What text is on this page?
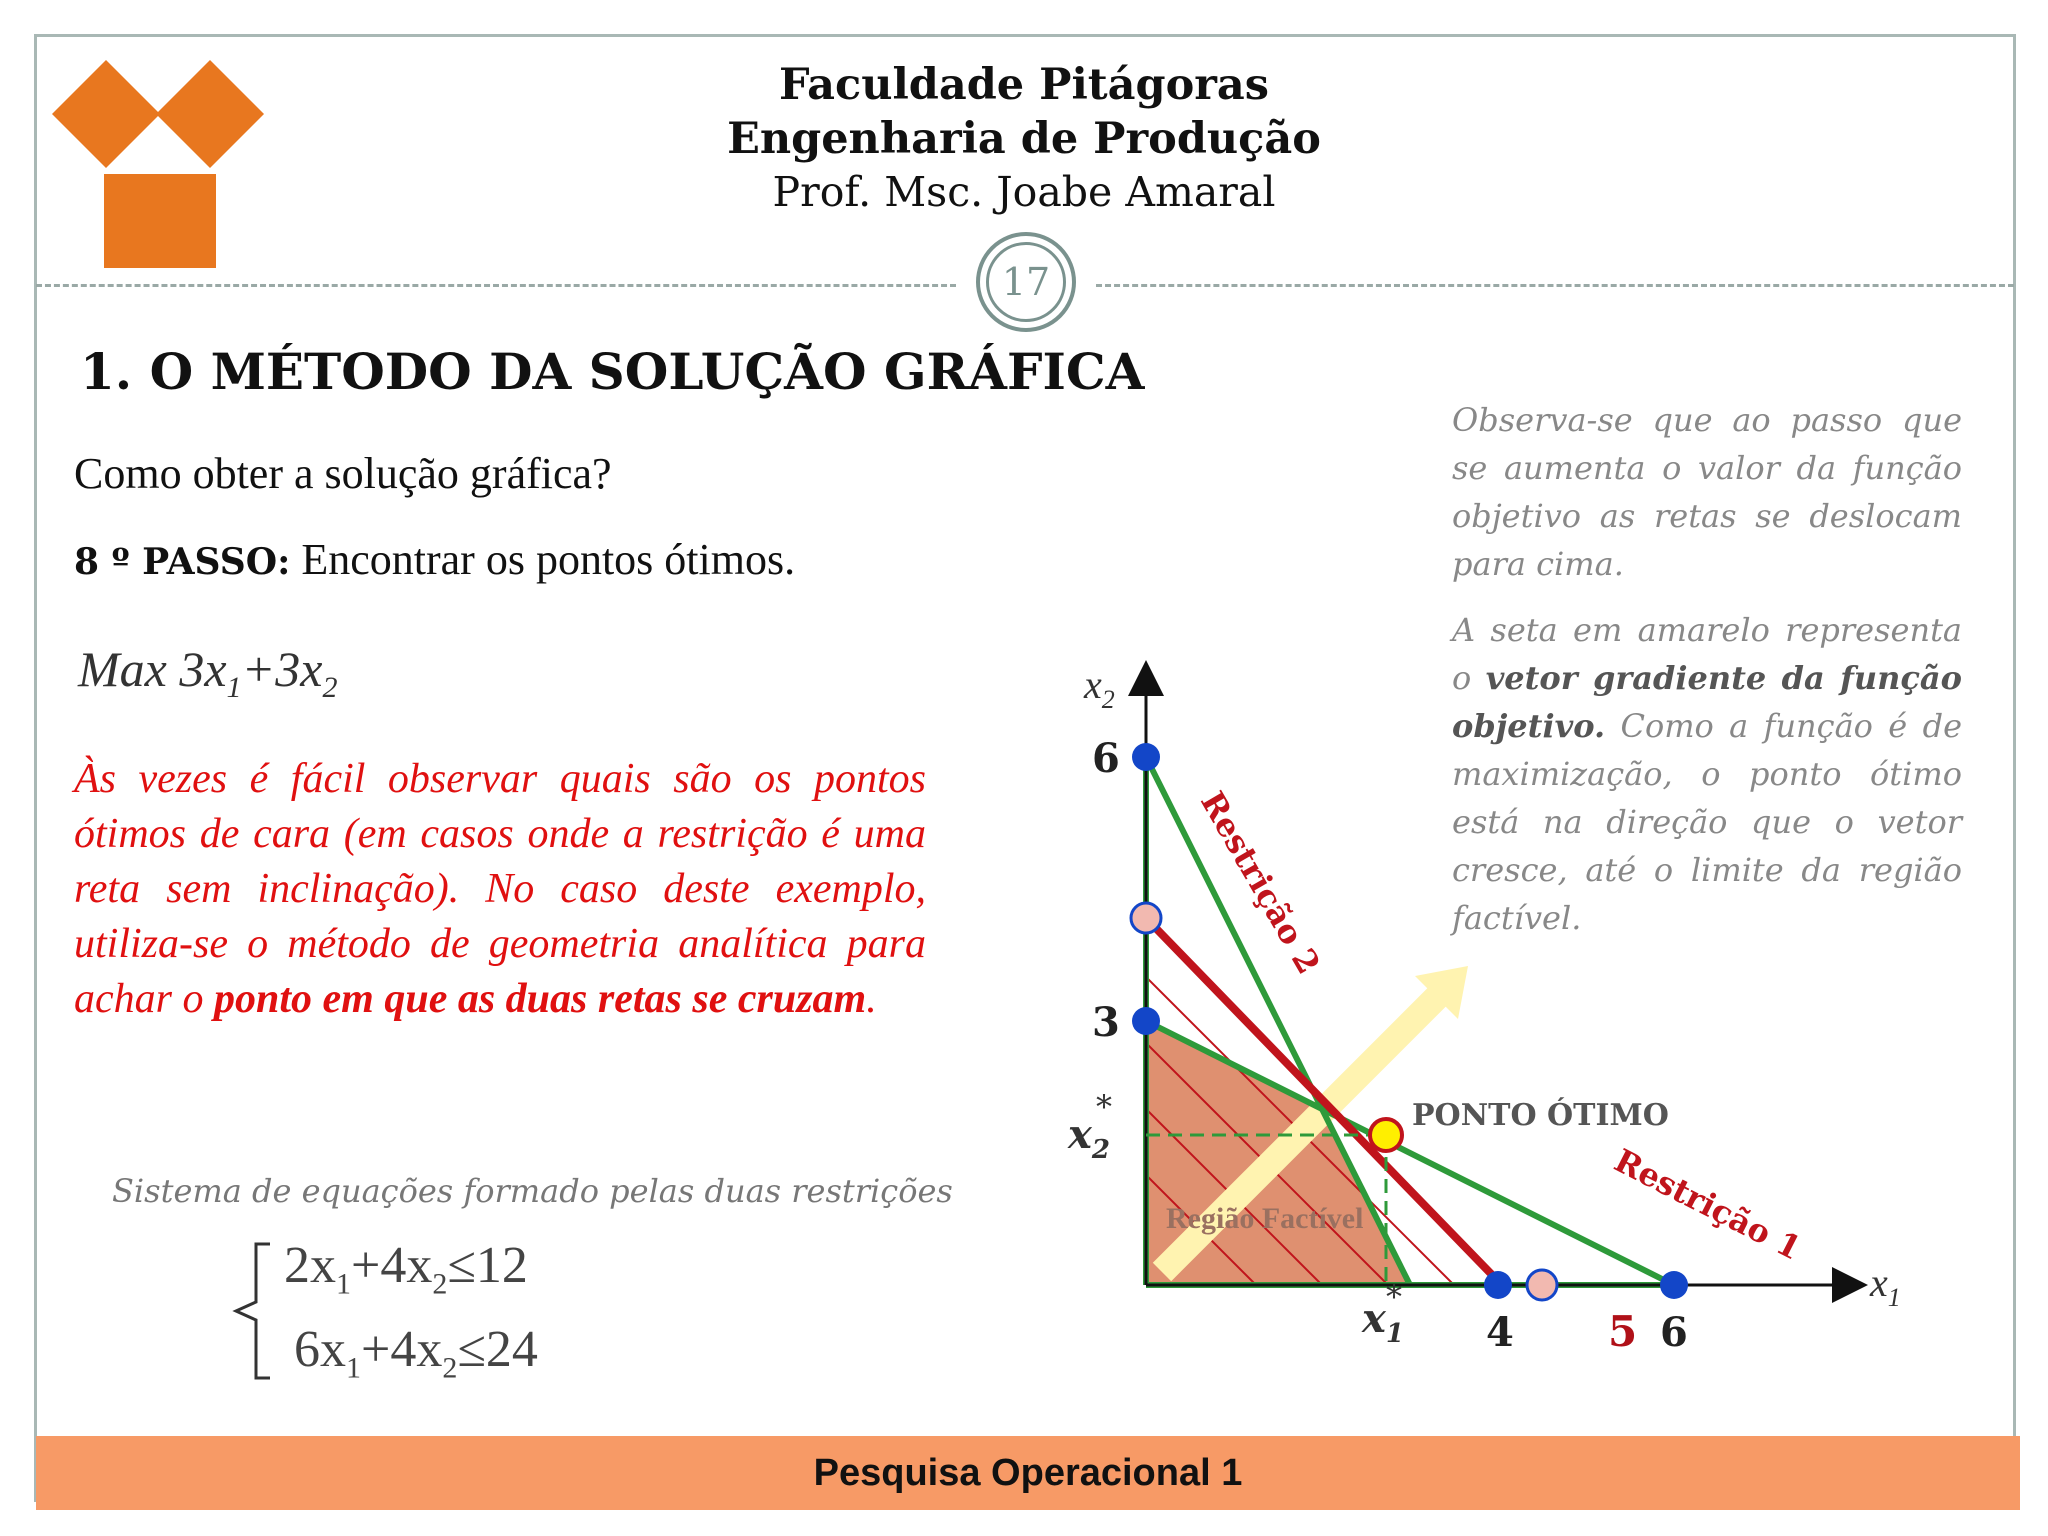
Faculdade Pitágoras
Engenharia de Produção
Prof. Msc. Joabe Amaral
17
1. O MÉTODO DA SOLUÇÃO GRÁFICA
Como obter a solução gráfica?
8 º PASSO: Encontrar os pontos ótimos.
Max $3x_1+3x_2$
Às vezes é fácil observar quais são os pontos ótimos de cara (em casos onde a restrição é uma reta sem inclinação). No caso deste exemplo, utiliza-se o método de geometria analítica para achar o ponto em que as duas retas se cruzam.
Sistema de equações formado pelas duas restrições
$2x_1+4x_2\le 12$
$6x_1+4x_2\le 24$

Observa-se que ao passo que se aumenta o valor da função objetivo as retas se deslocam para cima.

A seta em amarelo representa o vetor gradiente da função objetivo. Como a função é de maximização, o ponto ótimo está na direção que o vetor cresce, até o limite da região factível.

$x_2$
$x_1$
6
3
4 5 6
$x_2$
*
$x_1$
*
Restrição 2
Restrição 1
PONTO ÓTIMO
Região Factível
Pesquisa Operacional 1
